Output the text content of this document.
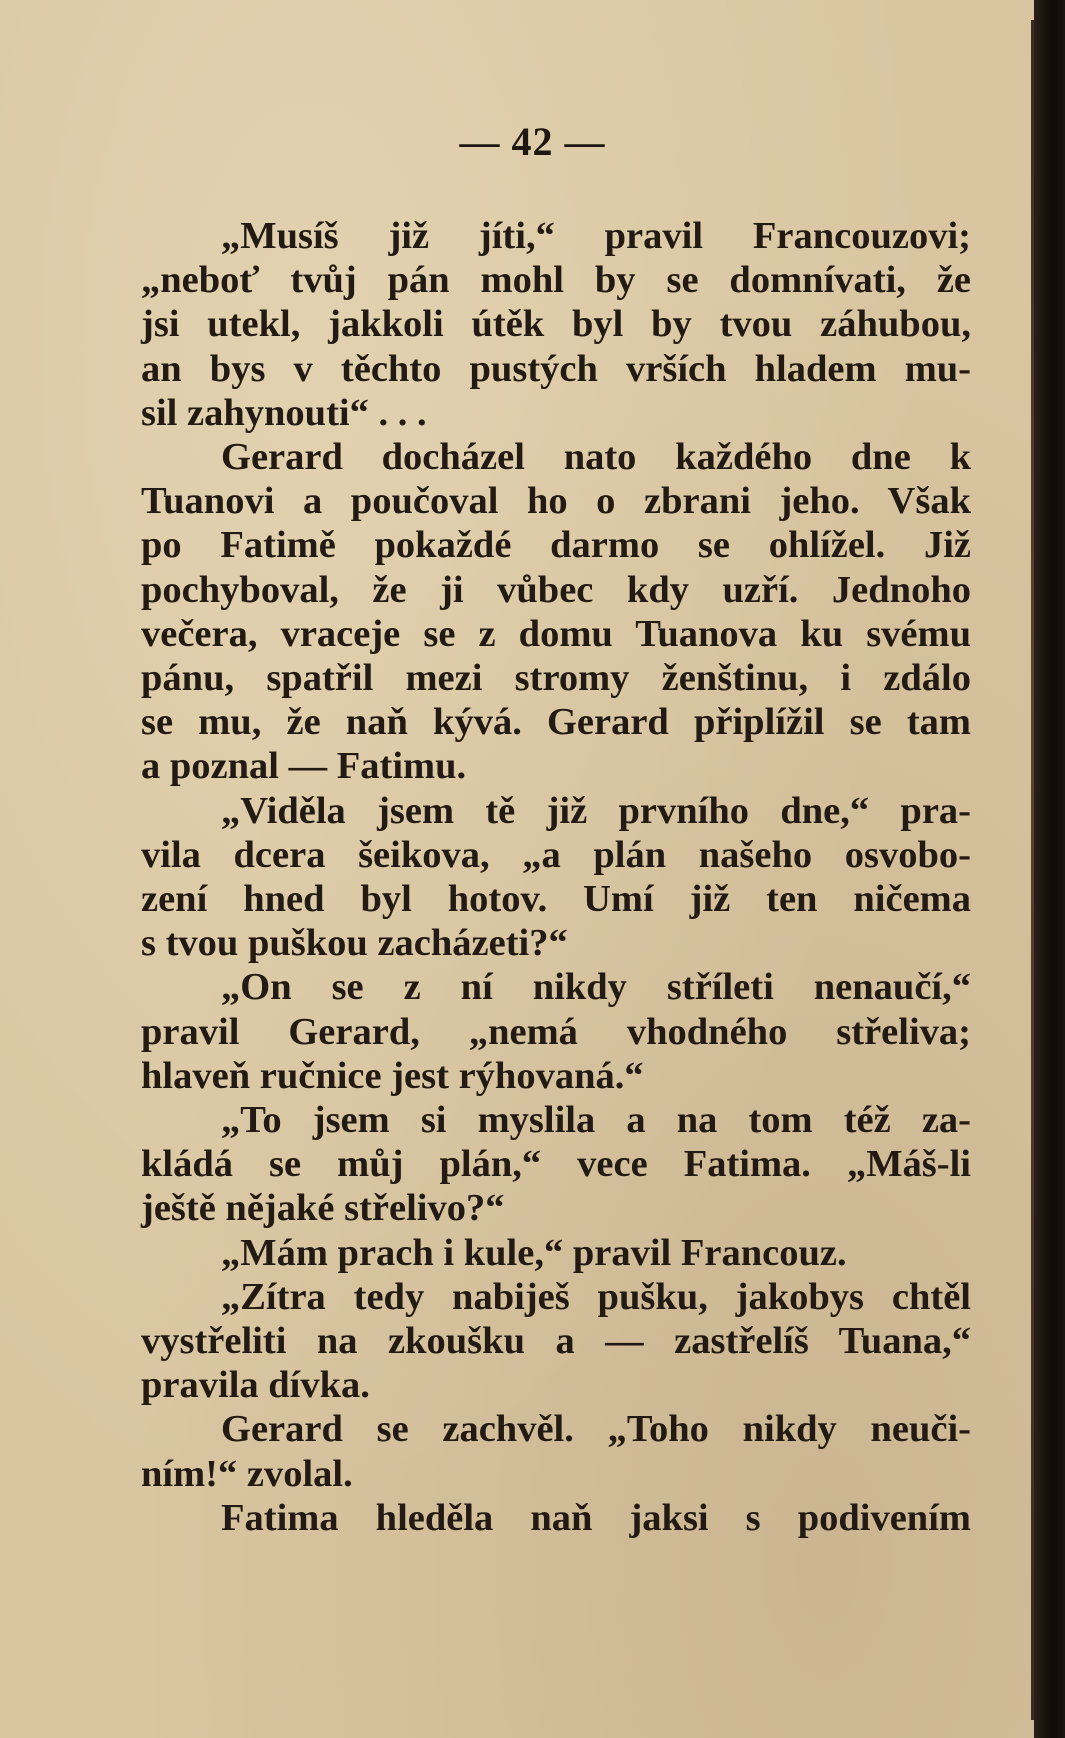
— 42 —
„Musíš již jíti,“ pravil Francouzovi;
„neboť tvůj pán mohl by se domnívati, že
jsi utekl, jakkoli útěk byl by tvou záhubou,
an bys v těchto pustých vrších hladem mu-
sil zahynouti“ . . .
Gerard docházel nato každého dne k
Tuanovi a poučoval ho o zbrani jeho. Však
po Fatimě pokaždé darmo se ohlížel. Již
pochyboval, že ji vůbec kdy uzří. Jednoho
večera, vraceje se z domu Tuanova ku svému
pánu, spatřil mezi stromy ženštinu, i zdálo
se mu, že naň kývá. Gerard připlížil se tam
a poznal — Fatimu.
„Viděla jsem tě již prvního dne,“ pra-
vila dcera šeikova, „a plán našeho osvobo-
zení hned byl hotov. Umí již ten ničema
s tvou puškou zacházeti?“
„On se z ní nikdy stříleti nenaučí,“
pravil Gerard, „nemá vhodného střeliva;
hlaveň ručnice jest rýhovaná.“
„To jsem si myslila a na tom též za-
kládá se můj plán,“ vece Fatima. „Máš-li
ještě nějaké střelivo?“
„Mám prach i kule,“ pravil Francouz.
„Zítra tedy nabiješ pušku, jakobys chtěl
vystřeliti na zkoušku a — zastřelíš Tuana,“
pravila dívka.
Gerard se zachvěl. „Toho nikdy neuči-
ním!“ zvolal.
Fatima hleděla naň jaksi s podivením
